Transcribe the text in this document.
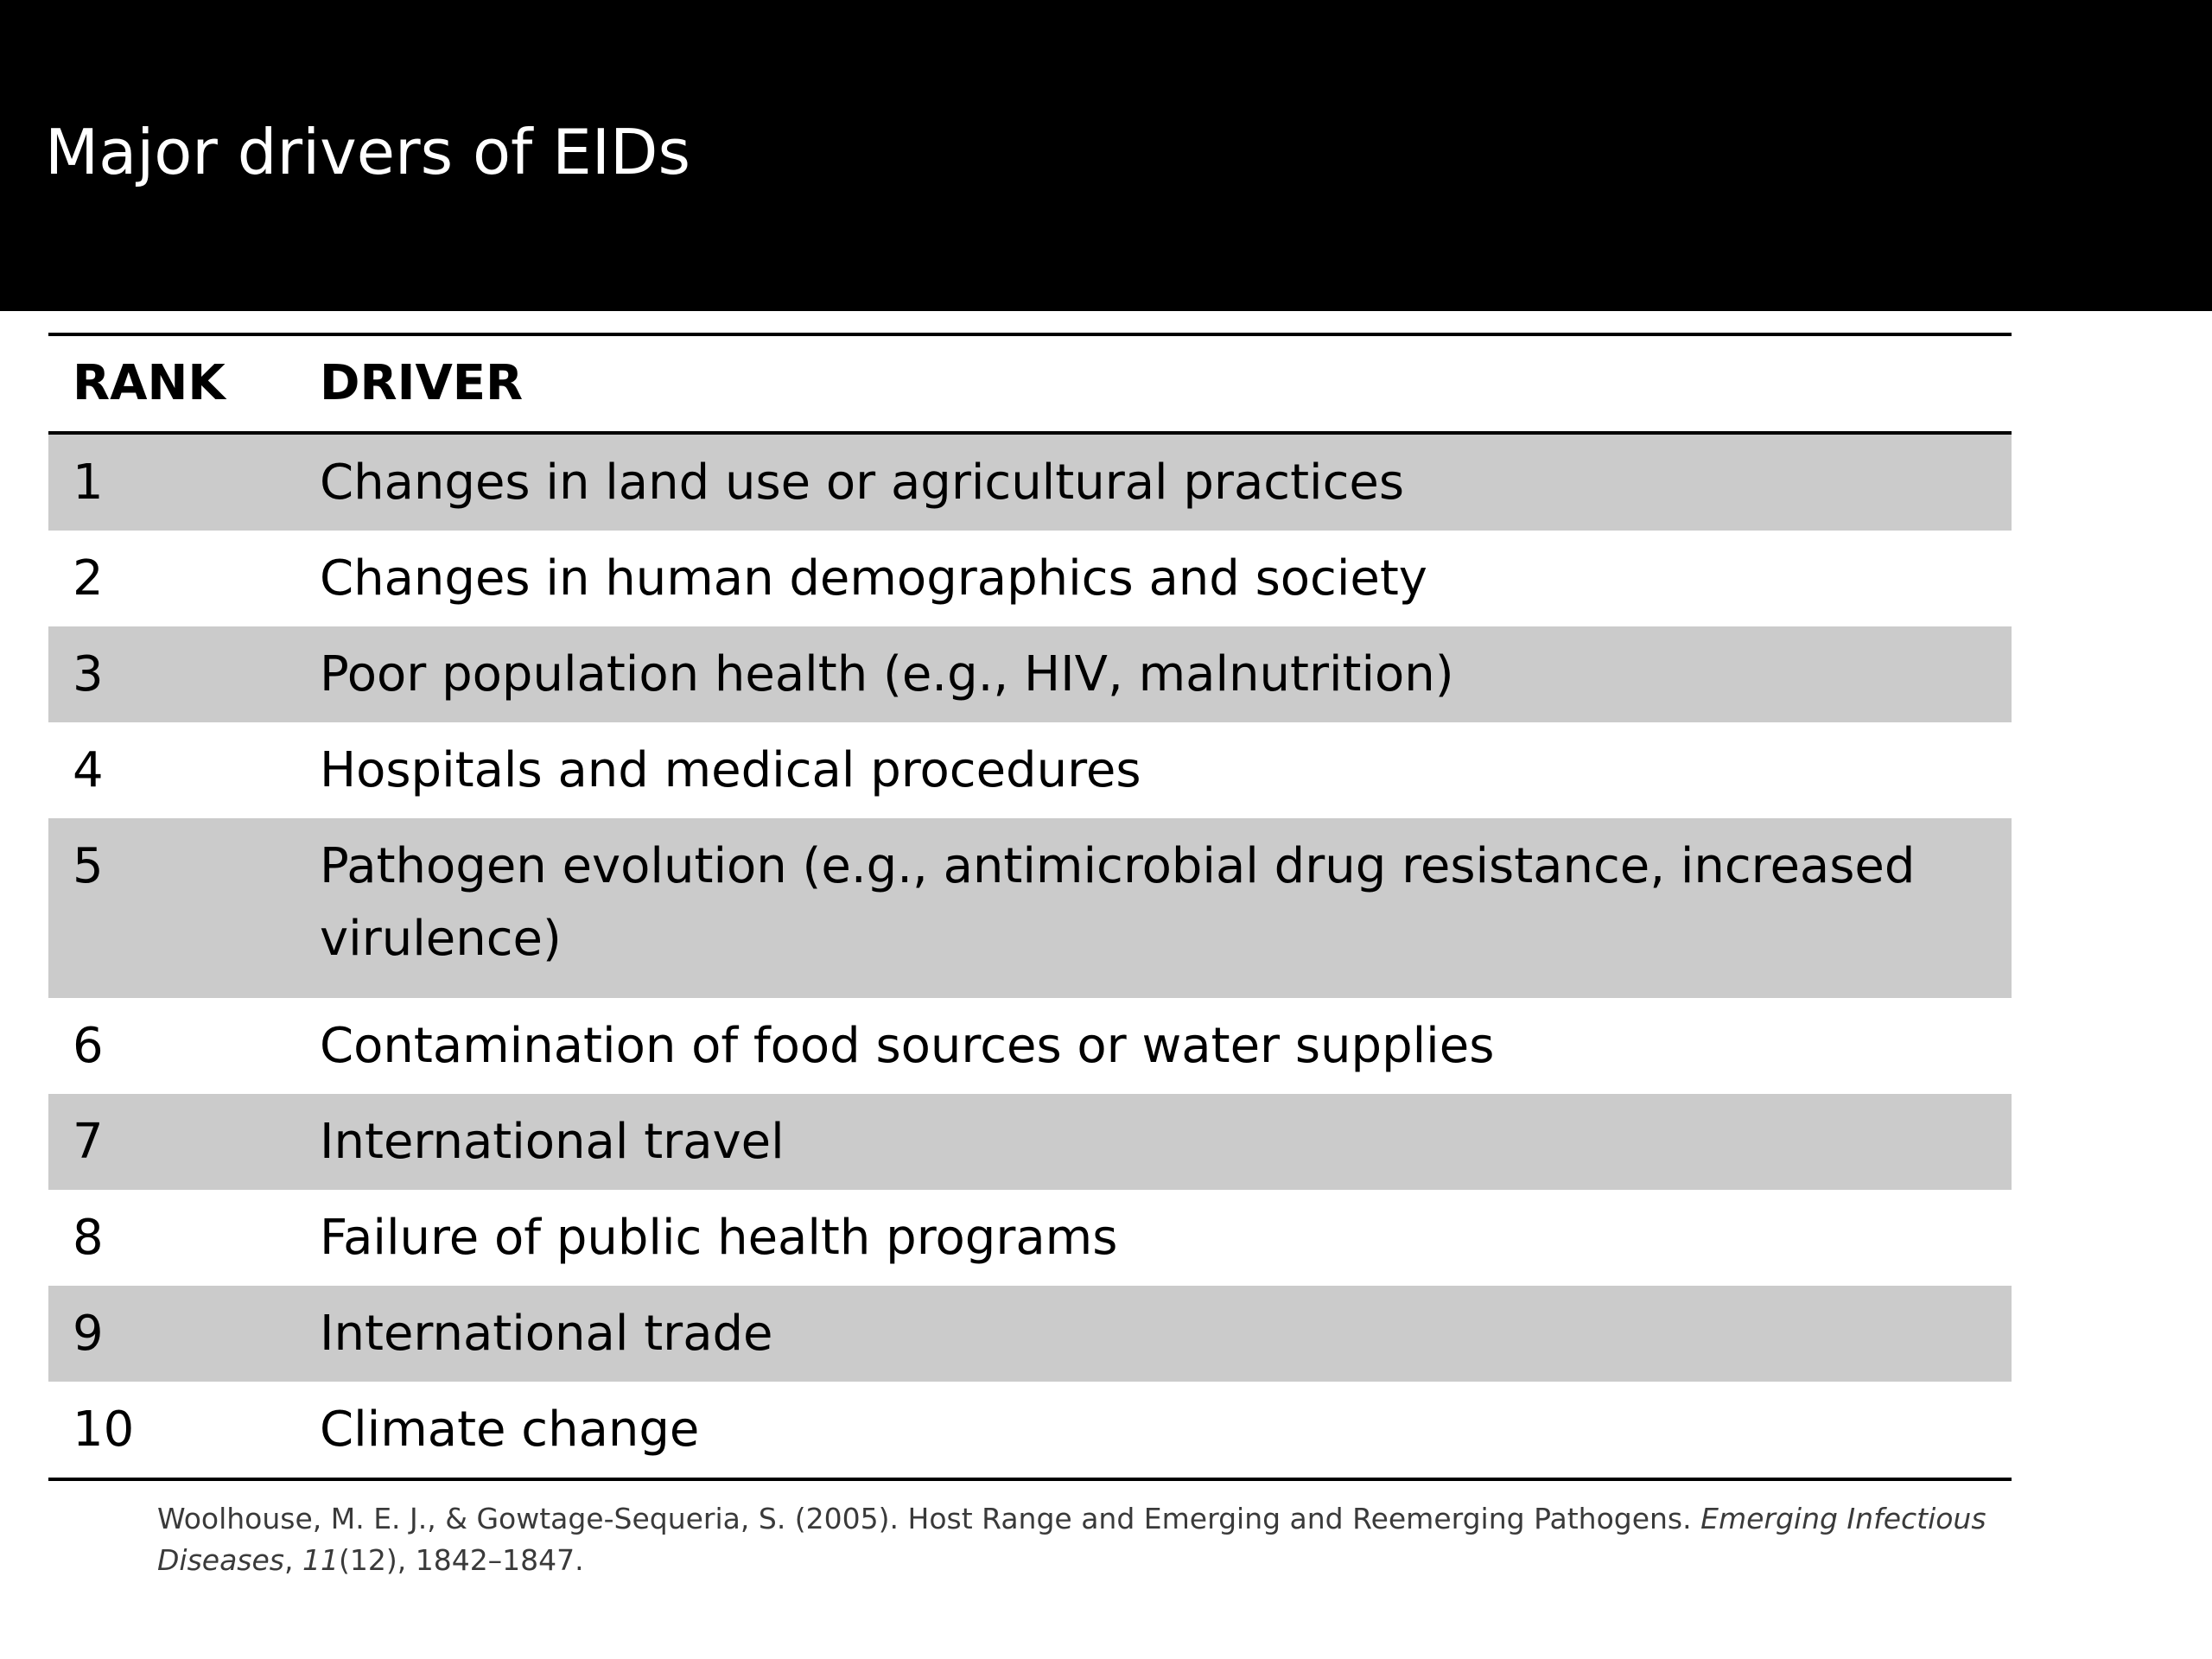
Major drivers of EIDs
RANK	DRIVER
1	Changes in land use or agricultural practices
2	Changes in human demographics and society
3	Poor population health (e.g., HIV, malnutrition)
4	Hospitals and medical procedures
5	Pathogen evolution (e.g., antimicrobial drug resistance, increased virulence)
6	Contamination of food sources or water supplies
7	International travel
8	Failure of public health programs
9	International trade
10	Climate change

Woolhouse, M. E. J., & Gowtage-Sequeria, S. (2005). Host Range and Emerging and Reemerging Pathogens. Emerging Infectious Diseases, 11(12), 1842–1847.
